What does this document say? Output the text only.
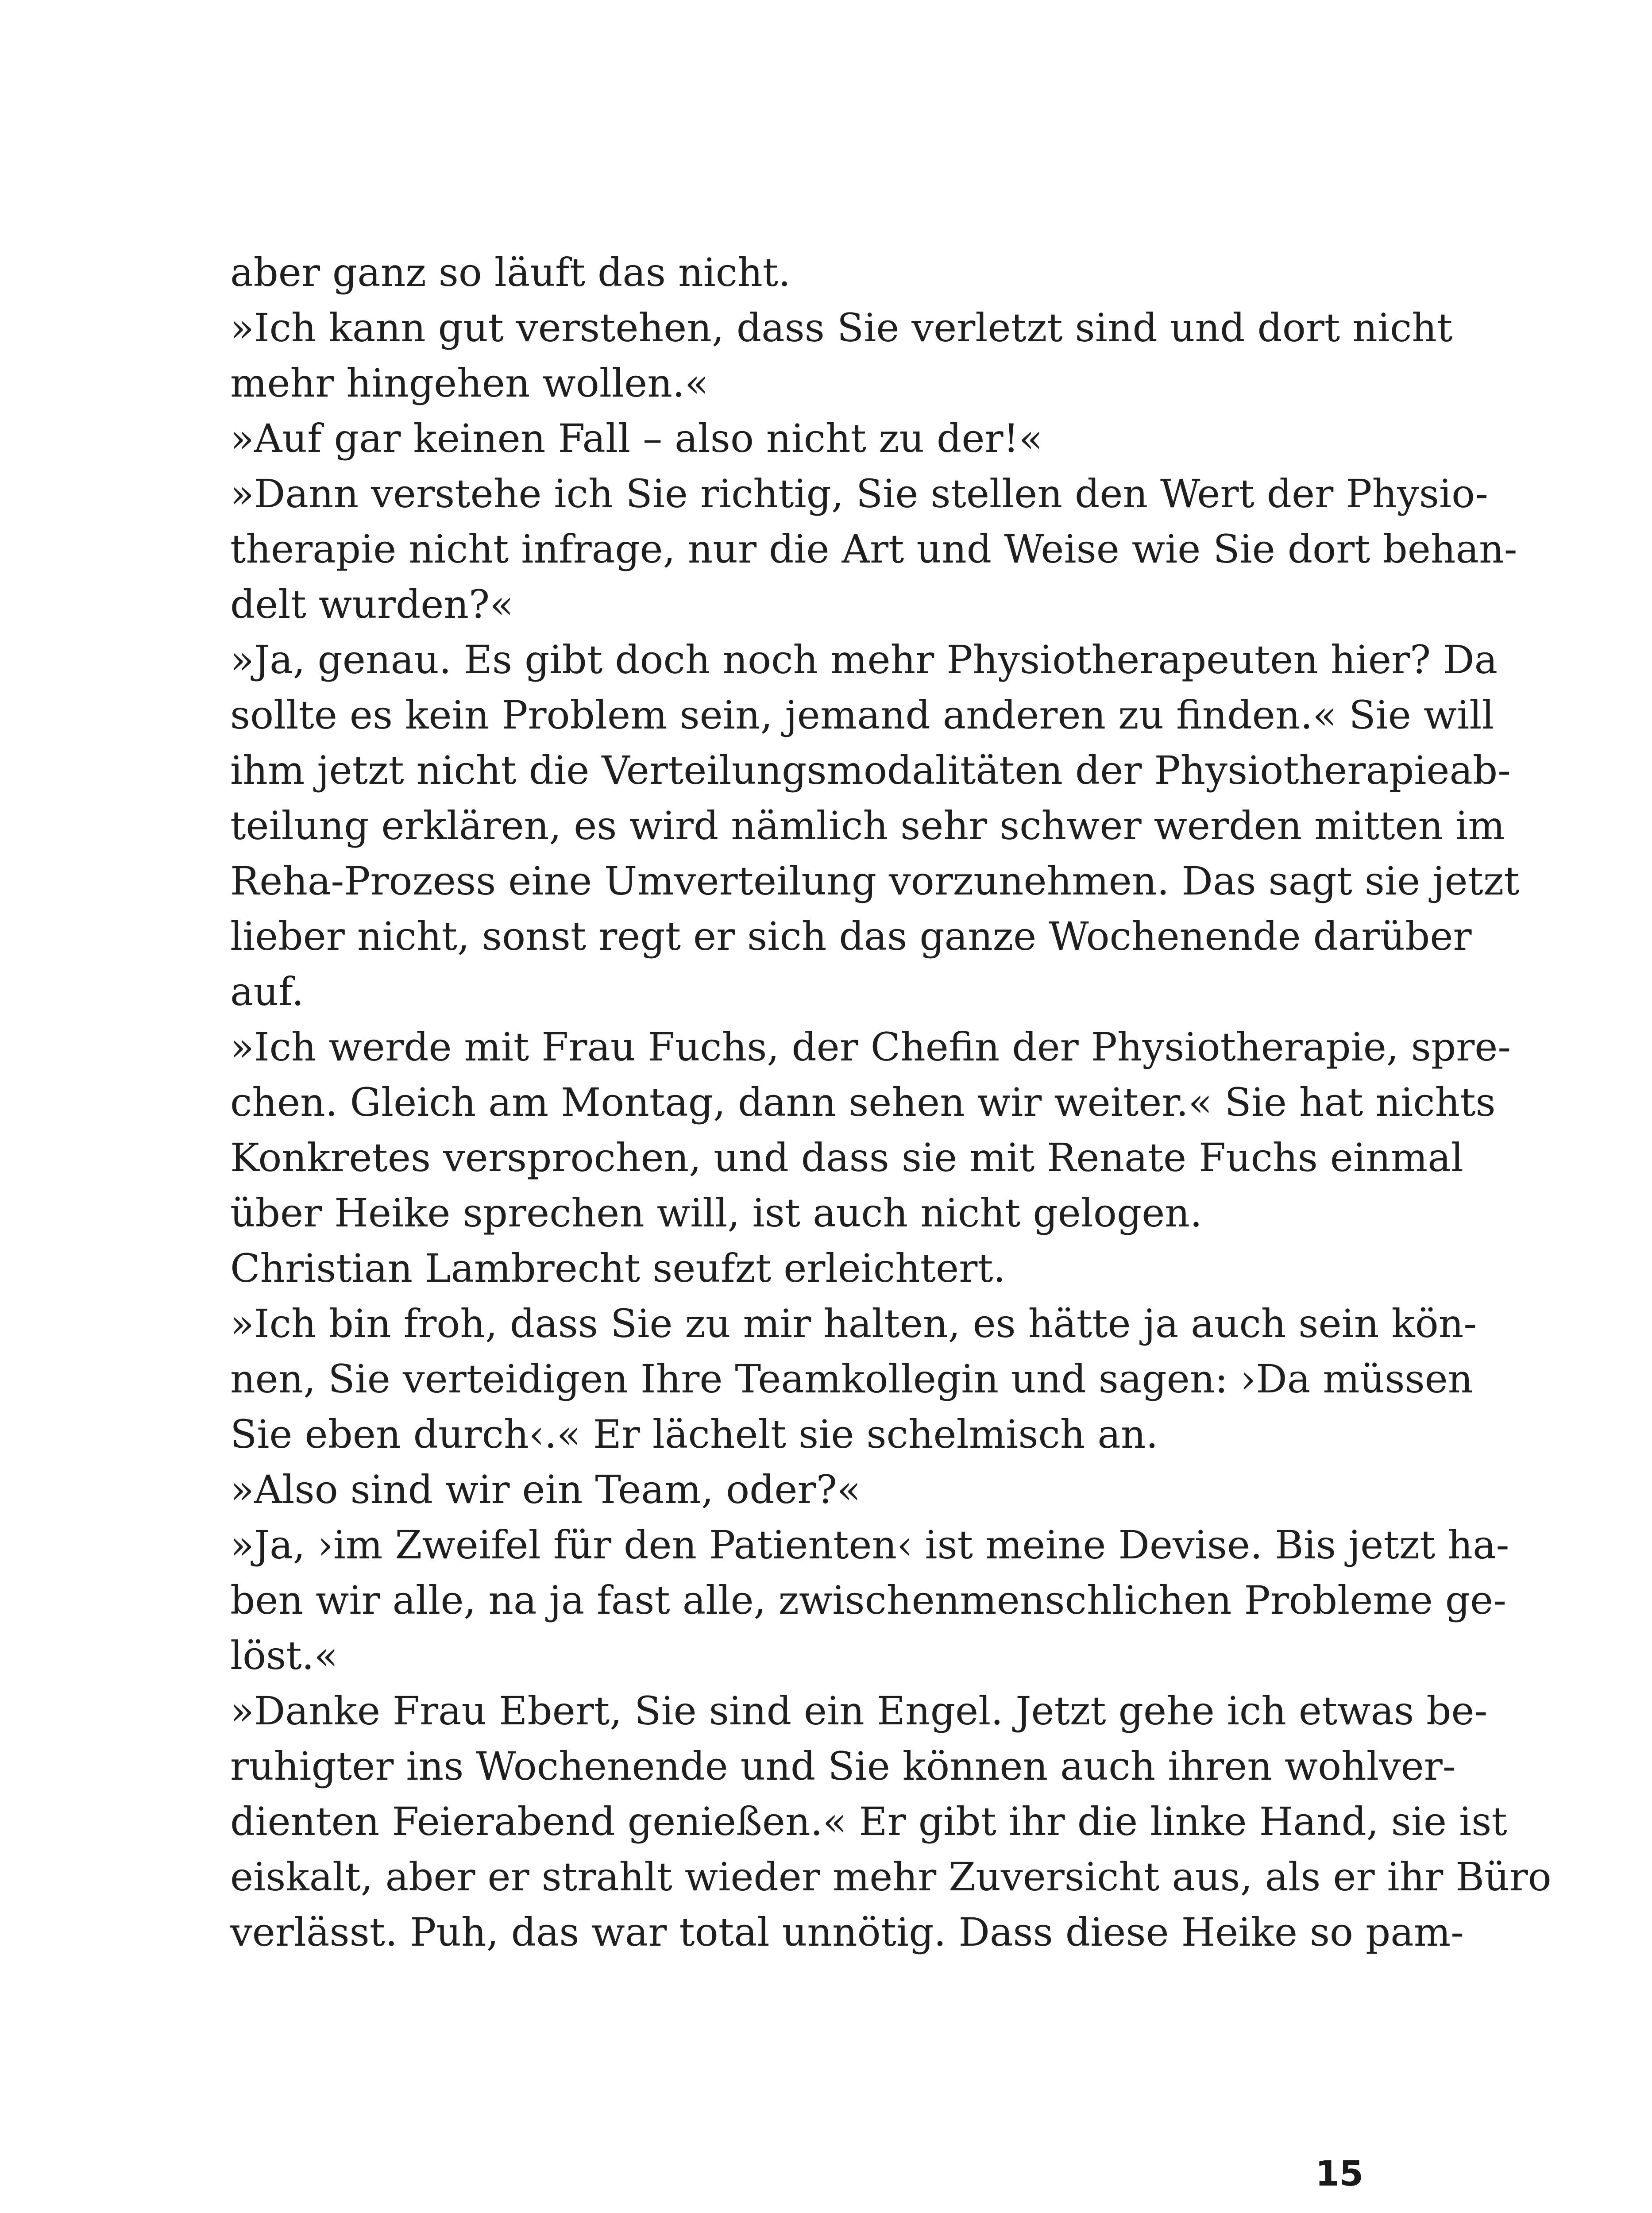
aber ganz so läuft das nicht.
»Ich kann gut verstehen, dass Sie verletzt sind und dort nicht
mehr hingehen wollen.«
»Auf gar keinen Fall – also nicht zu der!«
»Dann verstehe ich Sie richtig, Sie stellen den Wert der Physio-
therapie nicht infrage, nur die Art und Weise wie Sie dort behan-
delt wurden?«
»Ja, genau. Es gibt doch noch mehr Physiotherapeuten hier? Da
sollte es kein Problem sein, jemand anderen zu finden.« Sie will
ihm jetzt nicht die Verteilungsmodalitäten der Physiotherapieab-
teilung erklären, es wird nämlich sehr schwer werden mitten im
Reha-Prozess eine Umverteilung vorzunehmen. Das sagt sie jetzt
lieber nicht, sonst regt er sich das ganze Wochenende darüber
auf.
»Ich werde mit Frau Fuchs, der Chefin der Physiotherapie, spre-
chen. Gleich am Montag, dann sehen wir weiter.« Sie hat nichts
Konkretes versprochen, und dass sie mit Renate Fuchs einmal
über Heike sprechen will, ist auch nicht gelogen.
Christian Lambrecht seufzt erleichtert.
»Ich bin froh, dass Sie zu mir halten, es hätte ja auch sein kön-
nen, Sie verteidigen Ihre Teamkollegin und sagen: ›Da müssen
Sie eben durch‹.« Er lächelt sie schelmisch an.
»Also sind wir ein Team, oder?«
»Ja, ›im Zweifel für den Patienten‹ ist meine Devise. Bis jetzt ha-
ben wir alle, na ja fast alle, zwischenmenschlichen Probleme ge-
löst.«
»Danke Frau Ebert, Sie sind ein Engel. Jetzt gehe ich etwas be-
ruhigter ins Wochenende und Sie können auch ihren wohlver-
dienten Feierabend genießen.« Er gibt ihr die linke Hand, sie ist
eiskalt, aber er strahlt wieder mehr Zuversicht aus, als er ihr Büro
verlässt. Puh, das war total unnötig. Dass diese Heike so pam-
15
